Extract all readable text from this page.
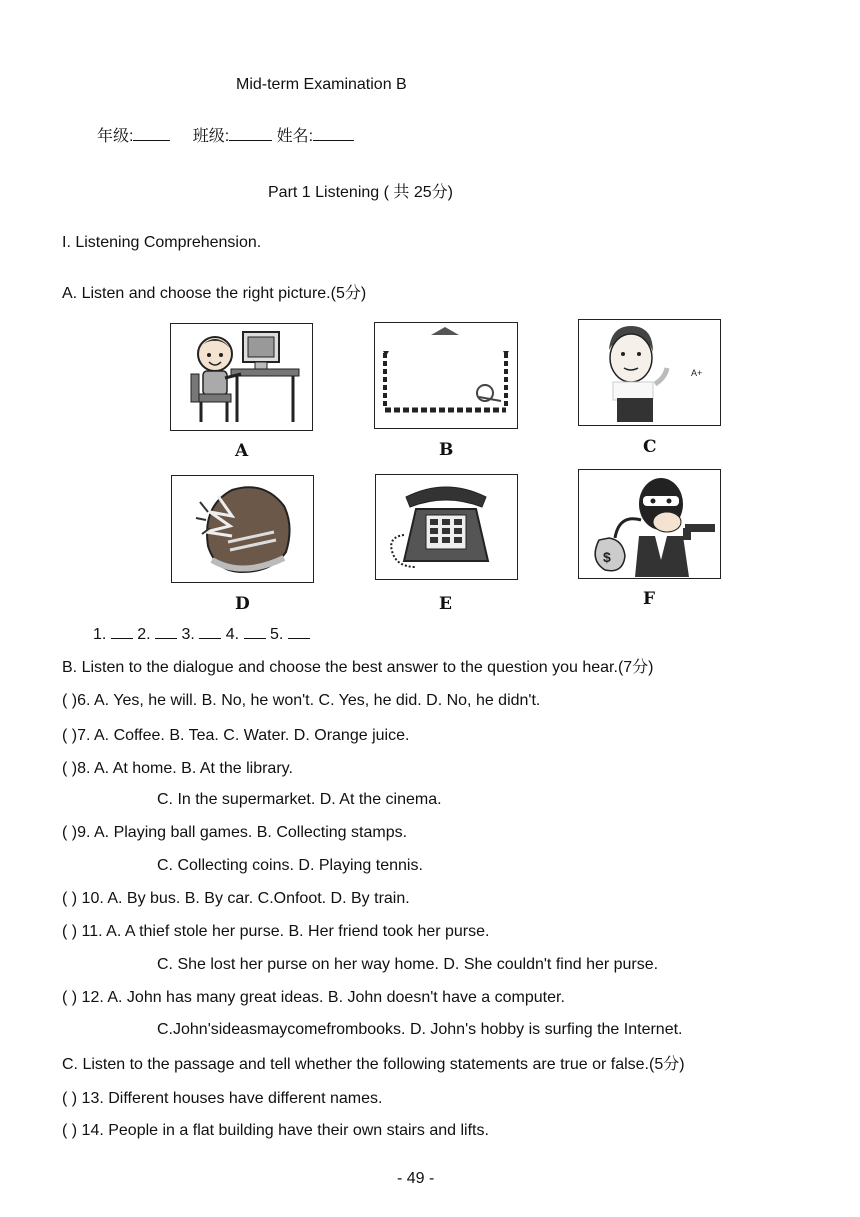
Mid-term Examination B
年级:	班级:	姓名:
Part 1 Listening ( 共 25分)
I. Listening Comprehension.
A. Listen and choose the right picture.(5分)
A	B
A+
C
D	E
$
F
1. 2. 3. 4. 5.
B. Listen to the dialogue and choose the best answer to the question you hear.(7分)
( )6. A. Yes, he will. B. No, he won't. C. Yes, he did. D. No, he didn't.
( )7. A. Coffee. B. Tea. C. Water. D. Orange juice.
( )8. A. At home. B. At the library.
C. In the supermarket. D. At the cinema.
( )9. A. Playing ball games. B. Collecting stamps.
C. Collecting coins. D. Playing tennis.
( ) 10. A. By bus. B. By car. C.Onfoot. D. By train.
( ) 11. A. A thief stole her purse. B. Her friend took her purse.
C. She lost her purse on her way home. D. She couldn't find her purse.
( ) 12. A. John has many great ideas. B. John doesn't have a computer.
C.John'sideasmaycomefrombooks. D. John's hobby is surfing the Internet.
C. Listen to the passage and tell whether the following statements are true or false.(5分)
( ) 13. Different houses have different names.
( ) 14. People in a flat building have their own stairs and lifts.
- 49 -
